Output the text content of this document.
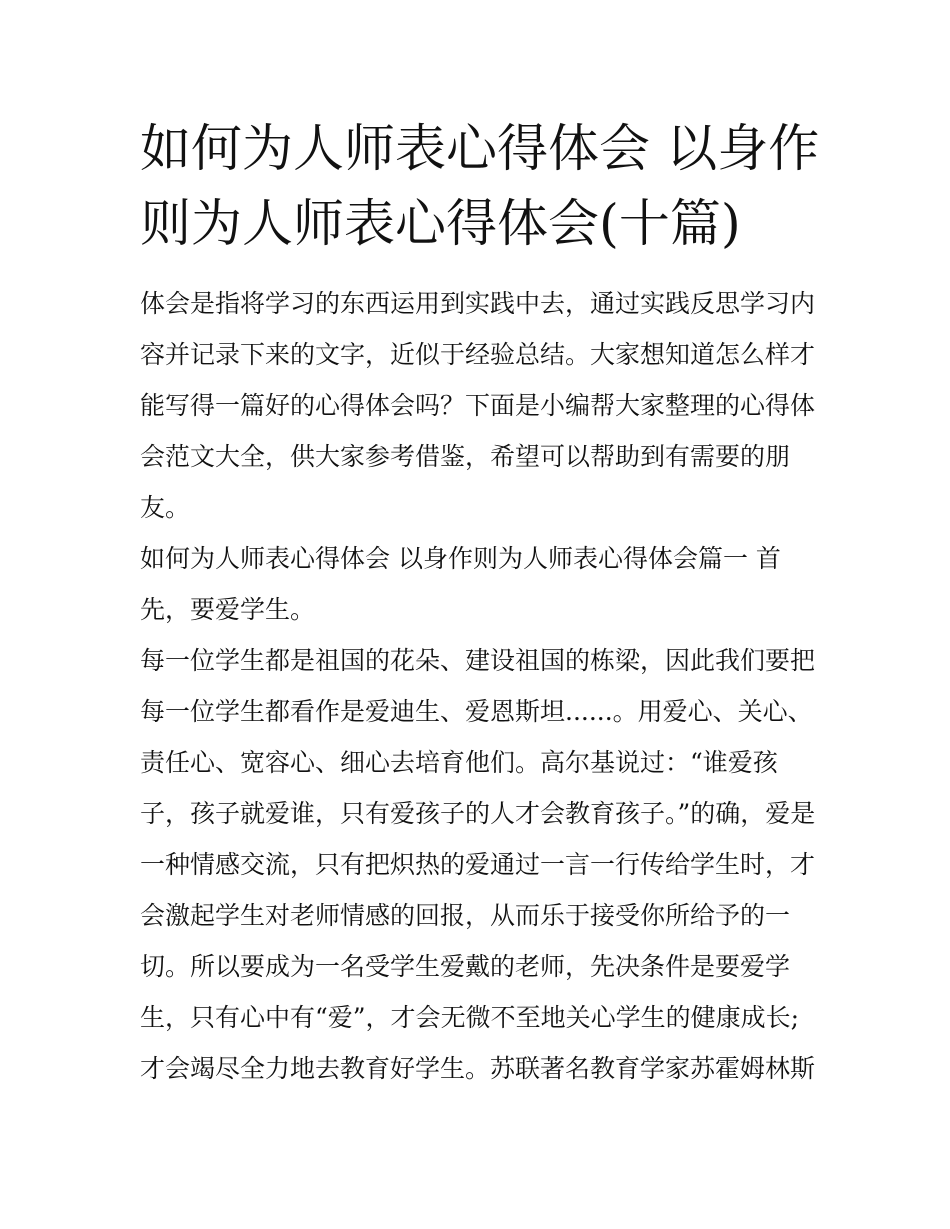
如何为人师表心得体会 以身作则为人师表心得体会(十篇)

体会是指将学习的东西运用到实践中去，通过实践反思学习内容并记录下来的文字，近似于经验总结。大家想知道怎么样才能写得一篇好的心得体会吗？下面是小编帮大家整理的心得体会范文大全，供大家参考借鉴，希望可以帮助到有需要的朋友。

如何为人师表心得体会 以身作则为人师表心得体会篇一 首先，要爱学生。

每一位学生都是祖国的花朵、建设祖国的栋梁，因此我们要把每一位学生都看作是爱迪生、爱恩斯坦......。用爱心、关心、责任心、宽容心、细心去培育他们。高尔基说过：“谁爱孩子，孩子就爱谁，只有爱孩子的人才会教育孩子。”的确，爱是一种情感交流，只有把炽热的爱通过一言一行传给学生时，才会激起学生对老师情感的回报，从而乐于接受你所给予的一切。所以要成为一名受学生爱戴的老师，先决条件是要爱学生，只有心中有“爱”，才会无微不至地关心学生的健康成长;才会竭尽全力地去教育好学生。苏联著名教育学家苏霍姆林斯
